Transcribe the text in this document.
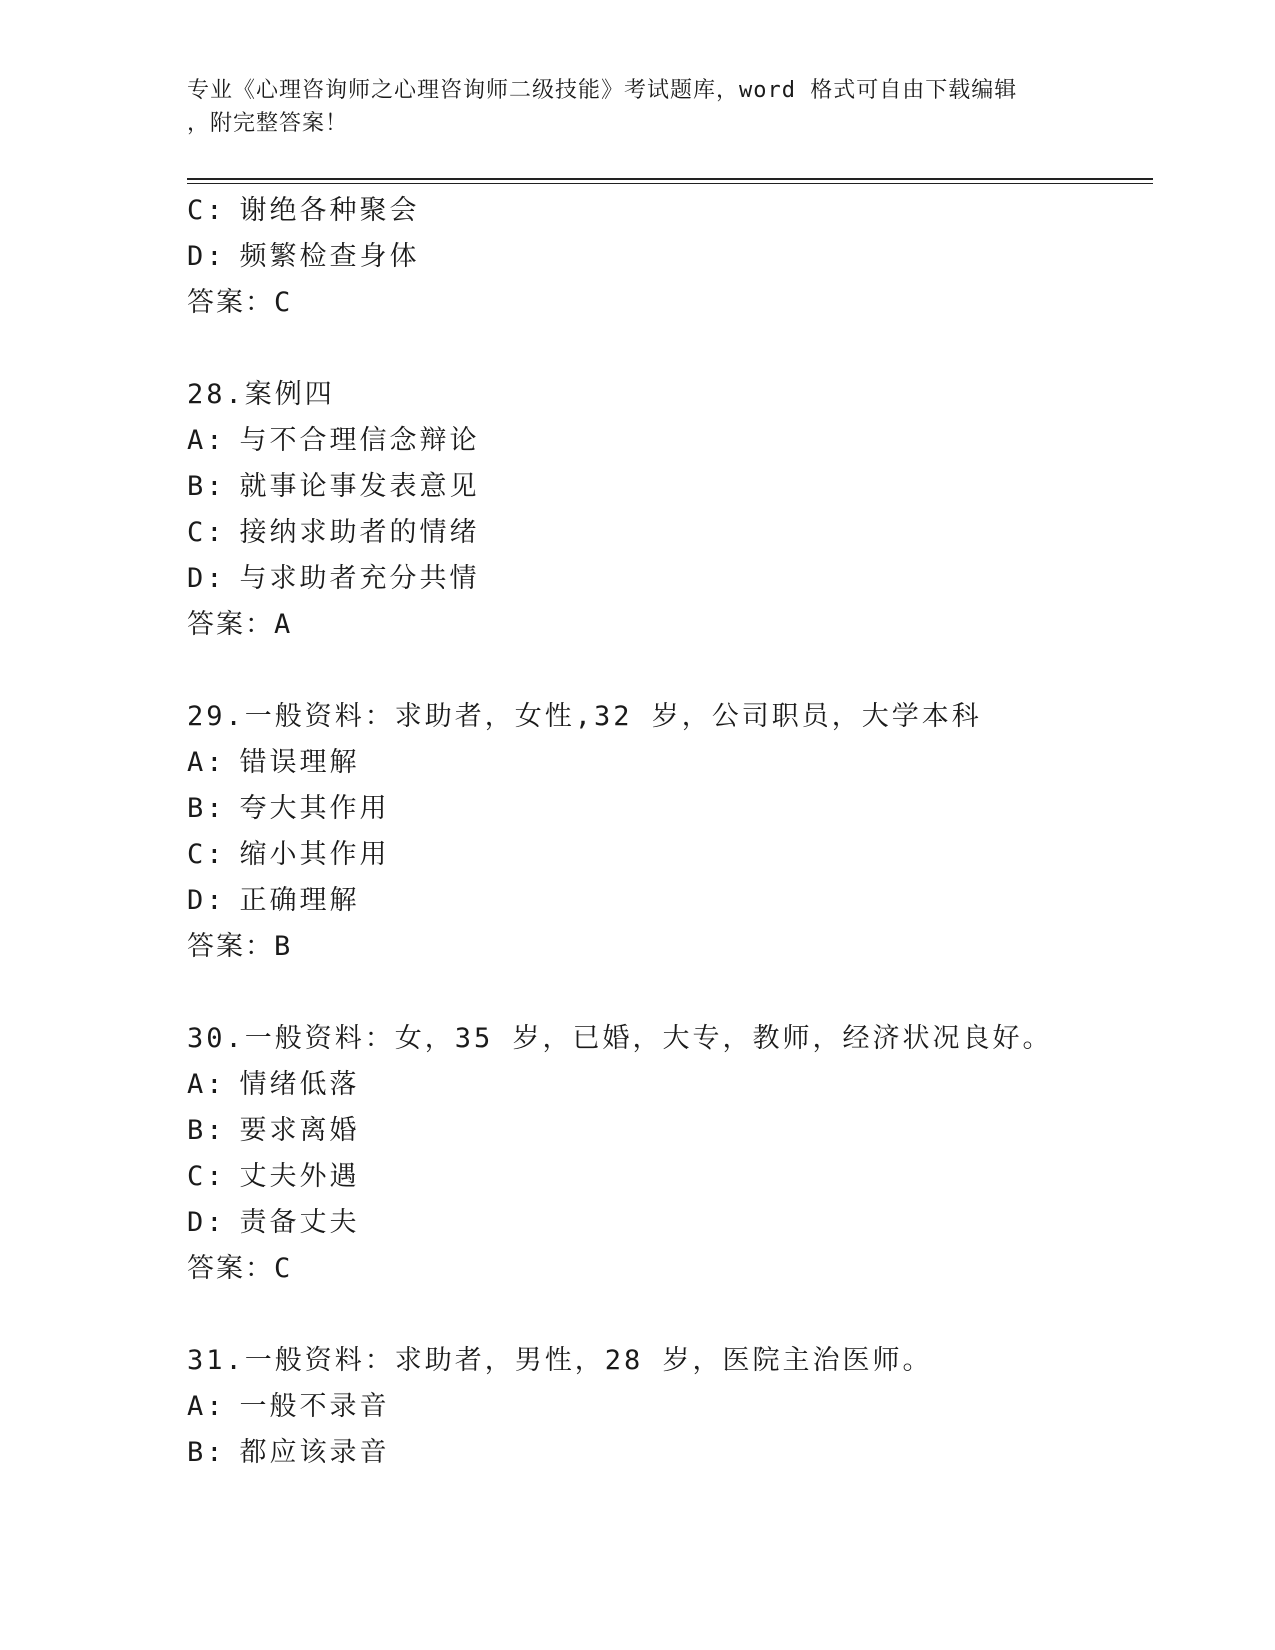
专业《心理咨询师之心理咨询师二级技能》考试题库，word 格式可自由下载编辑
，附完整答案！
C: 谢绝各种聚会
D: 频繁检查身体
答案：C
28.案例四
A: 与不合理信念辩论
B: 就事论事发表意见
C: 接纳求助者的情绪
D: 与求助者充分共情
答案：A
29.一般资料：求助者，女性,32 岁，公司职员，大学本科
A: 错误理解
B: 夸大其作用
C: 缩小其作用
D: 正确理解
答案：B
30.一般资料：女，35 岁，已婚，大专，教师，经济状况良好。
A: 情绪低落
B: 要求离婚
C: 丈夫外遇
D: 责备丈夫
答案：C
31.一般资料：求助者，男性，28 岁，医院主治医师。
A: 一般不录音
B: 都应该录音
